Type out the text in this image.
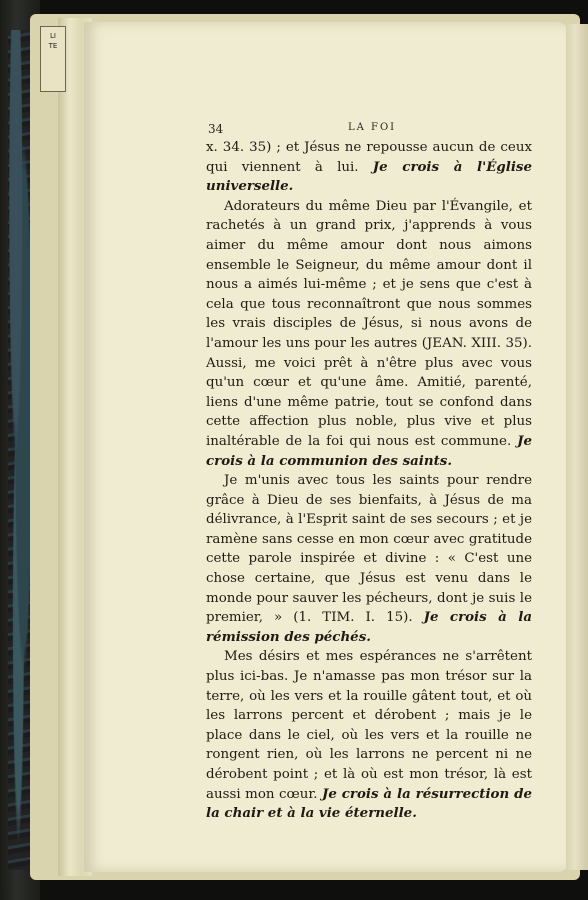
LI
TE
34	LA FOI

x. 34. 35) ; et Jésus ne repousse aucun de ceux qui viennent à lui. Je crois à l'Église universelle.

Adorateurs du même Dieu par l'Évangile, et rachetés à un grand prix, j'apprends à vous aimer du même amour dont nous aimons ensemble le Seigneur, du même amour dont il nous a aimés lui-même ; et je sens que c'est à cela que tous reconnaîtront que nous sommes les vrais disciples de Jésus, si nous avons de l'amour les uns pour les autres (JEAN. XIII. 35). Aussi, me voici prêt à n'être plus avec vous qu'un cœur et qu'une âme. Amitié, parenté, liens d'une même patrie, tout se confond dans cette affection plus noble, plus vive et plus inaltérable de la foi qui nous est commune. Je crois à la communion des saints.

Je m'unis avec tous les saints pour rendre grâce à Dieu de ses bienfaits, à Jésus de ma délivrance, à l'Esprit saint de ses secours ; et je ramène sans cesse en mon cœur avec gratitude cette parole inspirée et divine : « C'est une chose certaine, que Jésus est venu dans le monde pour sauver les pécheurs, dont je suis le premier, » (1. TIM. I. 15). Je crois à la rémission des péchés.

Mes désirs et mes espérances ne s'arrêtent plus ici-bas. Je n'amasse pas mon trésor sur la terre, où les vers et la rouille gâtent tout, et où les larrons percent et dérobent ; mais je le place dans le ciel, où les vers et la rouille ne rongent rien, où les larrons ne percent ni ne dérobent point ; et là où est mon trésor, là est aussi mon cœur. Je crois à la résurrection de la chair et à la vie éternelle.
